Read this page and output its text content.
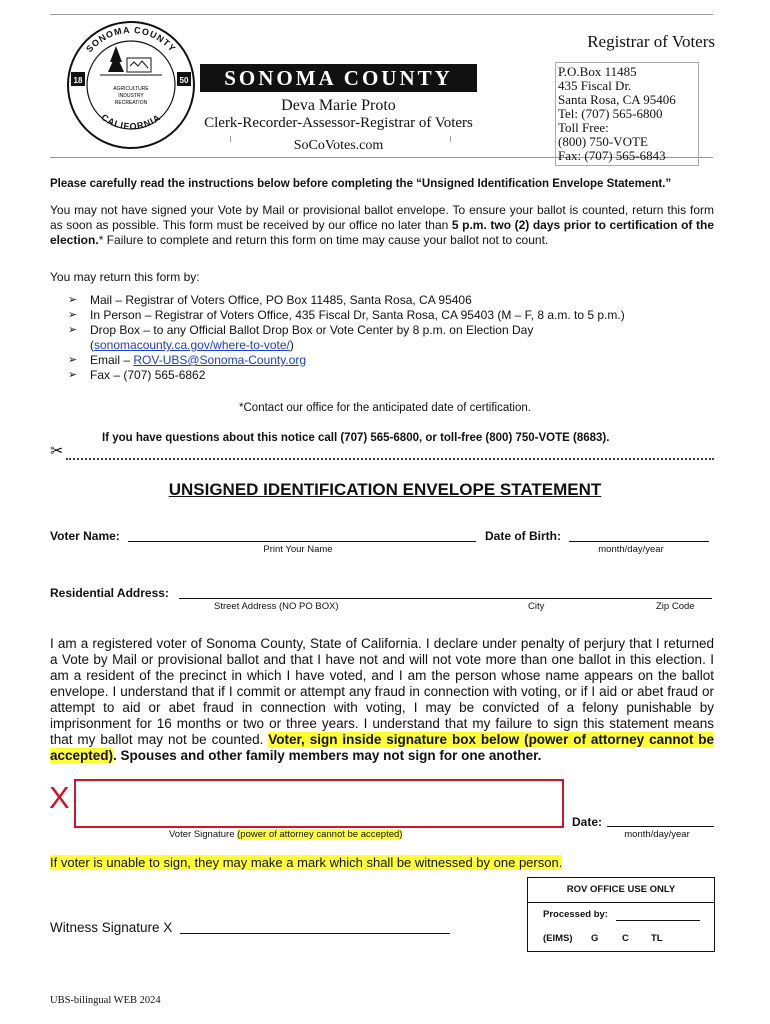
SONOMA COUNTY
CALIFORNIA
18	50
AGRICULTURE
INDUSTRY
RECREATION
SONOMA COUNTY
Deva Marie Proto
Clerk-Recorder-Assessor-Registrar of Voters
SoCoVotes.com
Registrar of Voters
P.O.Box 11485
435 Fiscal Dr.
Santa Rosa, CA 95406
Tel: (707) 565-6800
Toll Free:
(800) 750-VOTE
Fax: (707) 565-6843
Please carefully read the instructions below before completing the “Unsigned Identification Envelope Statement.”
You may not have signed your Vote by Mail or provisional ballot envelope. To ensure your ballot is counted, return this form as soon as possible. This form must be received by our office no later than 5 p.m. two (2) days prior to certification of the election.* Failure to complete and return this form on time may cause your ballot not to count.
You may return this form by:
➢ Mail – Registrar of Voters Office, PO Box 11485, Santa Rosa, CA 95406
➢ In Person – Registrar of Voters Office, 435 Fiscal Dr, Santa Rosa, CA 95403 (M – F, 8 a.m. to 5 p.m.)
➢ Drop Box – to any Official Ballot Drop Box or Vote Center by 8 p.m. on Election Day
(sonomacounty.ca.gov/where-to-vote/)
➢ Email – ROV-UBS@Sonoma-County.org
➢ Fax – (707) 565-6862
*Contact our office for the anticipated date of certification.
If you have questions about this notice call (707) 565-6800, or toll-free (800) 750-VOTE (8683).
✂
UNSIGNED IDENTIFICATION ENVELOPE STATEMENT
Voter Name:
Print Your Name
Date of Birth:
month/day/year
Residential Address:
Street Address (NO PO BOX)	City	Zip Code
I am a registered voter of Sonoma County, State of California. I declare under penalty of perjury that I returned a Vote by Mail or provisional ballot and that I have not and will not vote more than one ballot in this election. I am a resident of the precinct in which I have voted, and I am the person whose name appears on the ballot envelope. I understand that if I commit or attempt any fraud in connection with voting, or if I aid or abet fraud or attempt to aid or abet fraud in connection with voting, I may be convicted of a felony punishable by imprisonment for 16 months or two or three years. I understand that my failure to sign this statement means that my ballot may not be counted. Voter, sign inside signature box below (power of attorney cannot be accepted). Spouses and other family members may not sign for one another.
X
Voter Signature (power of attorney cannot be accepted)
Date:
month/day/year
If voter is unable to sign, they may make a mark which shall be witnessed by one person.
Witness Signature X
ROV OFFICE USE ONLY
Processed by:
(EIMS) G C TL
UBS-bilingual WEB 2024
